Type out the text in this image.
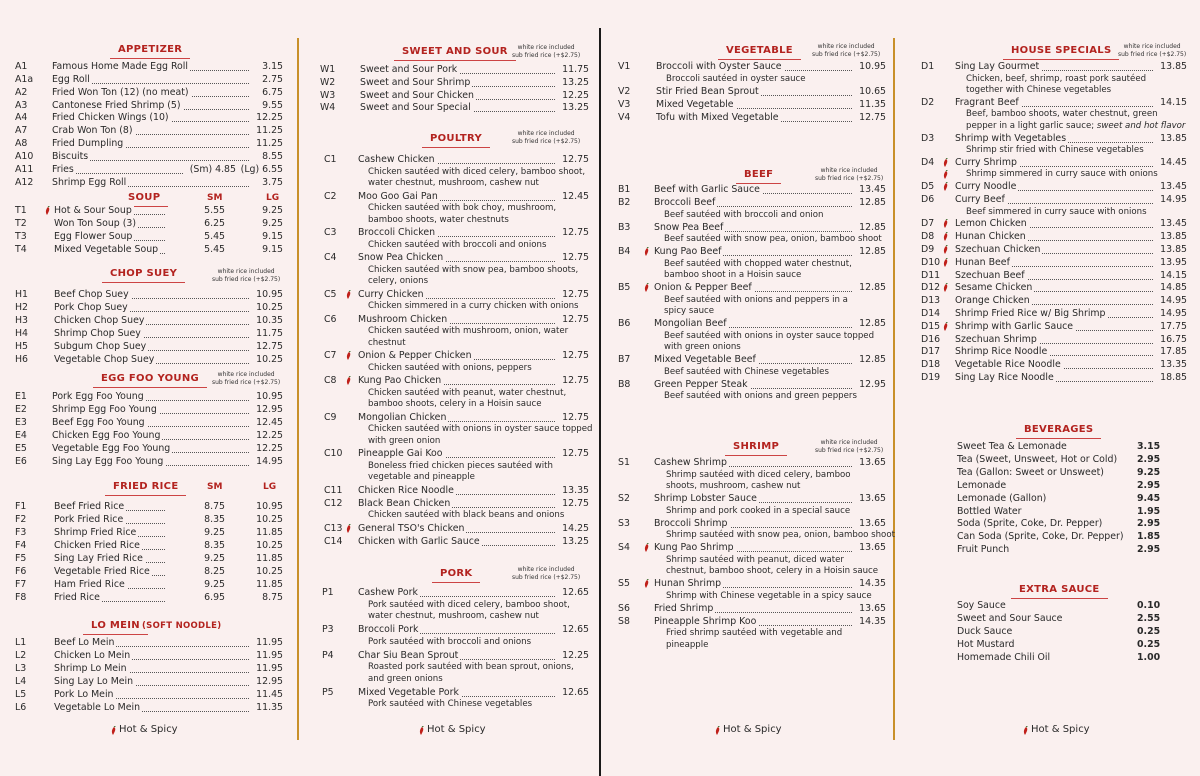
APPETIZER
A1	Famous Home Made Egg Roll	3.15
A1a	Egg Roll	2.75
A2	Fried Won Ton (12) (no meat)	6.75
A3	Cantonese Fried Shrimp (5)	9.55
A4	Fried Chicken Wings (10)	12.25
A7	Crab Won Ton (8)	11.25
A8	Fried Dumpling	11.25
A10	Biscuits	8.55
A11	Fries	(Sm) 4.85 (Lg) 6.55
A12	Shrimp Egg Roll	3.75
SOUP	SM	LG
T1	Hot & Sour Soup	5.55	9.25
T2	Won Ton Soup (3)	6.25	9.25
T3	Egg Flower Soup	5.45	9.15
T4	Mixed Vegetable Soup	5.45	9.15
CHOP SUEY	white rice included
sub fried rice (+$2.75)
H1	Beef Chop Suey	10.95
H2	Pork Chop Suey	10.25
H3	Chicken Chop Suey	10.35
H4	Shrimp Chop Suey	11.75
H5	Subgum Chop Suey	12.75
H6	Vegetable Chop Suey	10.25
EGG FOO YOUNG	white rice included
sub fried rice (+$2.75)
E1	Pork Egg Foo Young	10.95
E2	Shrimp Egg Foo Young	12.95
E3	Beef Egg Foo Young	12.45
E4	Chicken Egg Foo Young	12.25
E5	Vegetable Egg Foo Young	12.25
E6	Sing Lay Egg Foo Young	14.95
FRIED RICE	SM	LG
F1	Beef Fried Rice	8.75	10.95
F2	Pork Fried Rice	8.35	10.25
F3	Shrimp Fried Rice	9.25	11.85
F4	Chicken Fried Rice	8.35	10.25
F5	Sing Lay Fried Rice	9.25	11.85
F6	Vegetable Fried Rice	8.25	10.25
F7	Ham Fried Rice	9.25	11.85
F8	Fried Rice	6.95	8.75
LO MEIN (SOFT NOODLE)
L1	Beef Lo Mein	11.95
L2	Chicken Lo Mein	11.95
L3	Shrimp Lo Mein	11.95
L4	Sing Lay Lo Mein	12.95
L5	Pork Lo Mein	11.45
L6	Vegetable Lo Mein	11.35
Hot & Spicy
SWEET AND SOUR	white rice included
sub fried rice (+$2.75)
W1	Sweet and Sour Pork	11.75
W2	Sweet and Sour Shrimp	13.25
W3	Sweet and Sour Chicken	12.25
W4	Sweet and Sour Special	13.25
POULTRY	white rice included
sub fried rice (+$2.75)
C1	Cashew Chicken	12.75
Chicken sautéed with diced celery, bamboo shoot,
water chestnut, mushroom, cashew nut
C2	Moo Goo Gai Pan	12.45
Chicken sautéed with bok choy, mushroom,
bamboo shoots, water chestnuts
C3	Broccoli Chicken	12.75
Chicken sautéed with broccoli and onions
C4	Snow Pea Chicken	12.75
Chicken sautéed with snow pea, bamboo shoots,
celery, onions
C5	Curry Chicken	12.75
Chicken simmered in a curry chicken with onions
C6	Mushroom Chicken	12.75
Chicken sautéed with mushroom, onion, water
chestnut
C7	Onion & Pepper Chicken	12.75
Chicken sautéed with onions, peppers
C8	Kung Pao Chicken	12.75
Chicken sautéed with peanut, water chestnut,
bamboo shoots, celery in a Hoisin sauce
C9	Mongolian Chicken	12.75
Chicken sautéed with onions in oyster sauce topped
with green onion
C10	Pineapple Gai Koo	12.75
Boneless fried chicken pieces sautéed with
vegetable and pineapple
C11	Chicken Rice Noodle	13.35
C12	Black Bean Chicken	12.75
Chicken sautéed with black beans and onions
C13	General TSO's Chicken	14.25
C14	Chicken with Garlic Sauce	13.25
PORK	white rice included
sub fried rice (+$2.75)
P1	Cashew Pork	12.65
Pork sautéed with diced celery, bamboo shoot,
water chestnut, mushroom, cashew nut
P3	Broccoli Pork	12.65
Pork sautéed with broccoli and onions
P4	Char Siu Bean Sprout	12.25
Roasted pork sautéed with bean sprout, onions,
and green onions
P5	Mixed Vegetable Pork	12.65
Pork sautéed with Chinese vegetables
Hot & Spicy
VEGETABLE	white rice included
sub fried rice (+$2.75)
V1	Broccoli with Oyster Sauce	10.95
Broccoli sautéed in oyster sauce
V2	Stir Fried Bean Sprout	10.65
V3	Mixed Vegetable	11.35
V4	Tofu with Mixed Vegetable	12.75
BEEF	white rice included
sub fried rice (+$2.75)
B1	Beef with Garlic Sauce	13.45
B2	Broccoli Beef	12.85
Beef sautéed with broccoli and onion
B3	Snow Pea Beef	12.85
Beef sautéed with snow pea, onion, bamboo shoot
B4	Kung Pao Beef	12.85
Beef sautéed with chopped water chestnut,
bamboo shoot in a Hoisin sauce
B5	Onion & Pepper Beef	12.85
Beef sautéed with onions and peppers in a
spicy sauce
B6	Mongolian Beef	12.85
Beef sautéed with onions in oyster sauce topped
with green onions
B7	Mixed Vegetable Beef	12.85
Beef sautéed with Chinese vegetables
B8	Green Pepper Steak	12.95
Beef sautéed with onions and green peppers
SHRIMP	white rice included
sub fried rice (+$2.75)
S1	Cashew Shrimp	13.65
Shrimp sautéed with diced celery, bamboo
shoots, mushroom, cashew nut
S2	Shrimp Lobster Sauce	13.65
Shrimp and pork cooked in a special sauce
S3	Broccoli Shrimp	13.65
Shrimp sautéed with snow pea, onion, bamboo shoot
S4	Kung Pao Shrimp	13.65
Shrimp sautéed with peanut, diced water
chestnut, bamboo shoot, celery in a Hoisin sauce
S5	Hunan Shrimp	14.35
Shrimp with Chinese vegetable in a spicy sauce
S6	Fried Shrimp	13.65
S8	Pineapple Shrimp Koo	14.35
Fried shrimp sautéed with vegetable and
pineapple
Hot & Spicy
HOUSE SPECIALS	white rice included
sub fried rice (+$2.75)
D1	Sing Lay Gourmet	13.85
Chicken, beef, shrimp, roast pork sautéed
together with Chinese vegetables
D2	Fragrant Beef	14.15
Beef, bamboo shoots, water chestnut, green
pepper in a light garlic sauce; sweet and hot flavor
D3	Shrimp with Vegetables	13.85
Shrimp stir fried with Chinese vegetables
D4	Curry Shrimp	14.45
Shrimp simmered in curry sauce with onions
D5	Curry Noodle	13.45
D6	Curry Beef	14.95
Beef simmered in curry sauce with onions
D7	Lemon Chicken	13.45
D8	Hunan Chicken	13.85
D9	Szechuan Chicken	13.85
D10	Hunan Beef	13.95
D11	Szechuan Beef	14.15
D12	Sesame Chicken	14.85
D13	Orange Chicken	14.95
D14	Shrimp Fried Rice w/ Big Shrimp	14.95
D15	Shrimp with Garlic Sauce	17.75
D16	Szechuan Shrimp	16.75
D17	Shrimp Rice Noodle	17.85
D18	Vegetable Rice Noodle	13.35
D19	Sing Lay Rice Noodle	18.85
BEVERAGES
Sweet Tea & Lemonade	3.15
Tea (Sweet, Unsweet, Hot or Cold) 2.95
Tea (Gallon: Sweet or Unsweet)	9.25
Lemonade	2.95
Lemonade (Gallon)	9.45
Bottled Water	1.95
Soda (Sprite, Coke, Dr. Pepper)	2.95
Can Soda (Sprite, Coke, Dr. Pepper) 1.85
Fruit Punch	2.95
EXTRA SAUCE
Soy Sauce	0.10
Sweet and Sour Sauce	2.55
Duck Sauce	0.25
Hot Mustard	0.25
Homemade Chili Oil	1.00
Hot & Spicy
